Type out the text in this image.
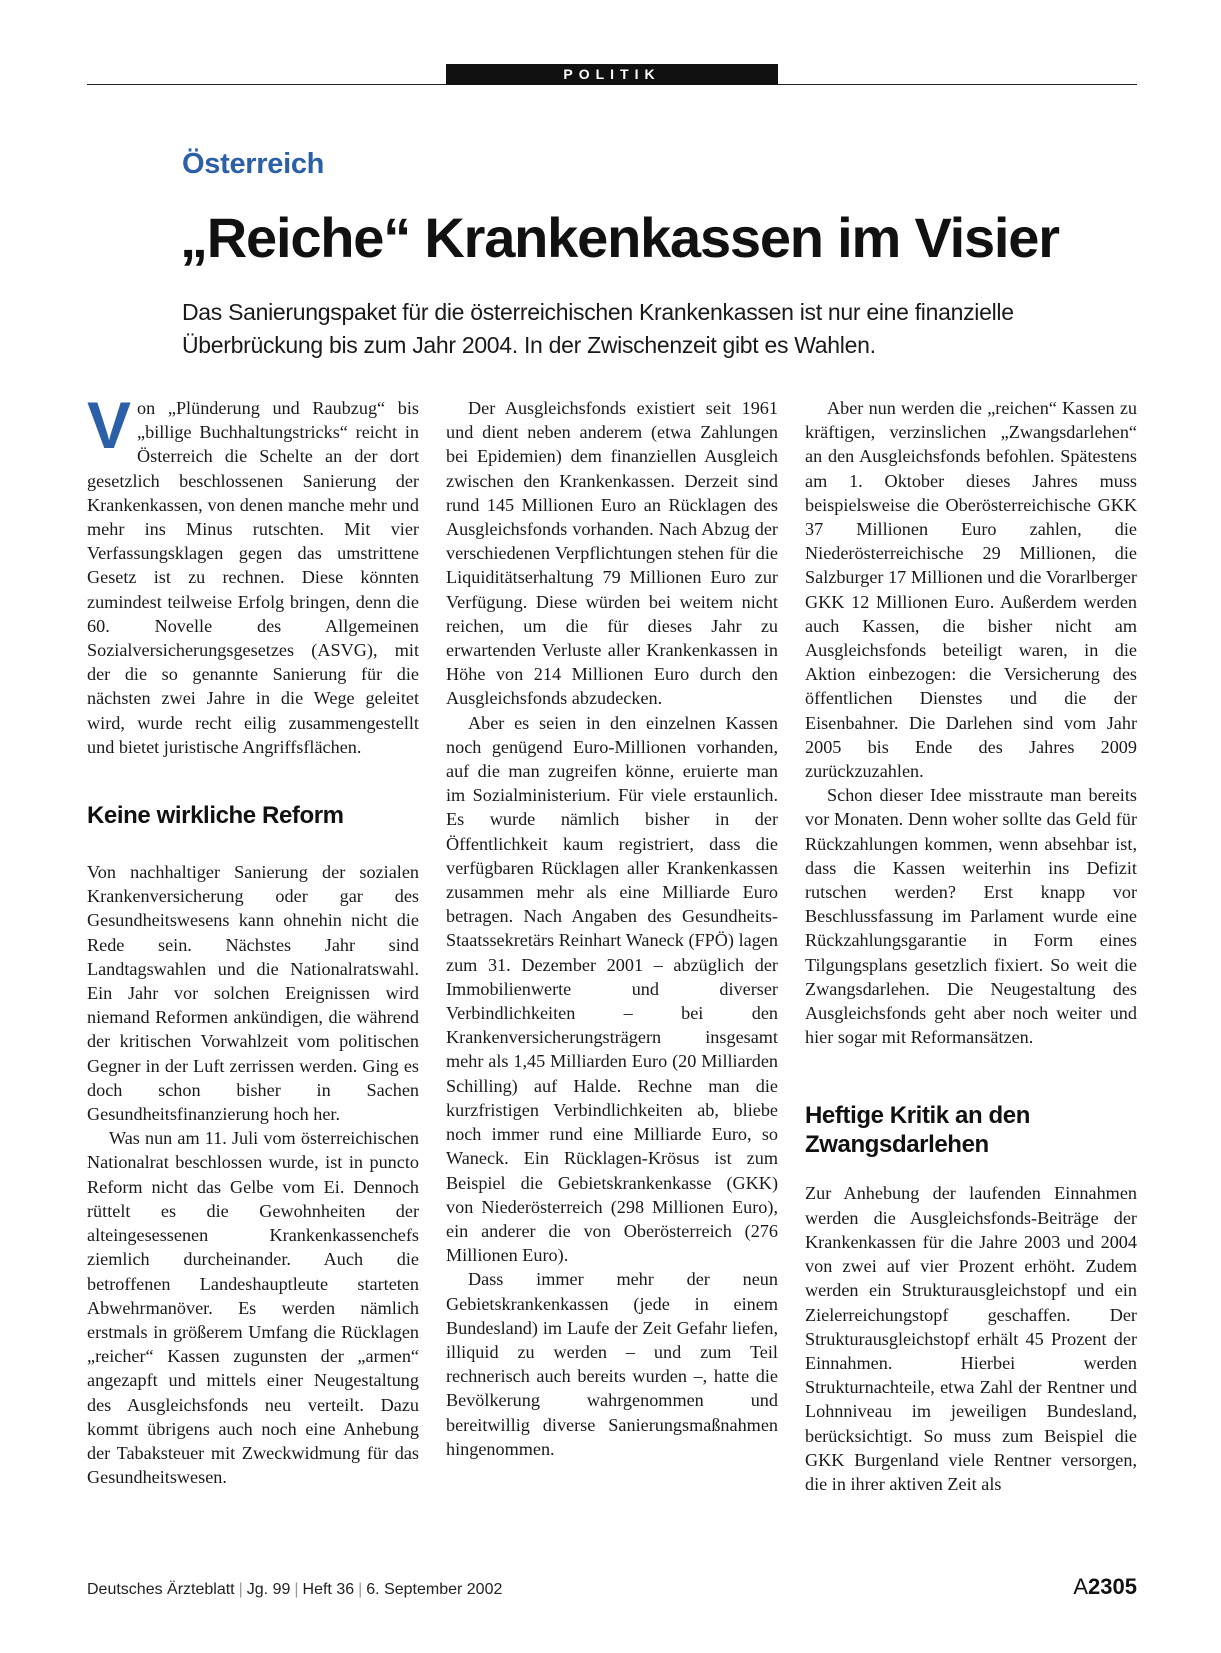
POLITIK
Österreich
„Reiche“ Krankenkassen im Visier

Das Sanierungspaket für die österreichischen Krankenkassen ist nur eine finanzielle Überbrückung bis zum Jahr 2004. In der Zwischenzeit gibt es Wahlen.

Von „Plünderung und Raubzug“ bis „billige Buchhaltungstricks“ reicht in Österreich die Schelte an der dort gesetzlich beschlossenen Sanierung der Krankenkassen, von denen manche mehr und mehr ins Minus rutschten. Mit vier Verfassungsklagen gegen das umstrittene Gesetz ist zu rechnen. Diese könnten zumindest teilweise Erfolg bringen, denn die 60. Novelle des Allgemeinen Sozialversicherungsgesetzes (ASVG), mit der die so genannte Sanierung für die nächsten zwei Jahre in die Wege geleitet wird, wurde recht eilig zusammengestellt und bietet juristische Angriffsflächen.

Keine wirkliche Reform

Von nachhaltiger Sanierung der sozialen Krankenversicherung oder gar des Gesundheitswesens kann ohnehin nicht die Rede sein. Nächstes Jahr sind Landtagswahlen und die Nationalratswahl. Ein Jahr vor solchen Ereignissen wird niemand Reformen ankündigen, die während der kritischen Vorwahlzeit vom politischen Gegner in der Luft zerrissen werden. Ging es doch schon bisher in Sachen Gesundheitsfinanzierung hoch her.

Was nun am 11. Juli vom österreichischen Nationalrat beschlossen wurde, ist in puncto Reform nicht das Gelbe vom Ei. Dennoch rüttelt es die Gewohnheiten der alteingesessenen Krankenkassenchefs ziemlich durcheinander. Auch die betroffenen Landeshauptleute starteten Abwehrmanöver. Es werden nämlich erstmals in größerem Umfang die Rücklagen „reicher“ Kassen zugunsten der „armen“ angezapft und mittels einer Neugestaltung des Ausgleichsfonds neu verteilt. Dazu kommt übrigens auch noch eine Anhebung der Tabaksteuer mit Zweckwidmung für das Gesundheitswesen.

Der Ausgleichsfonds existiert seit 1961 und dient neben anderem (etwa Zahlungen bei Epidemien) dem finanziellen Ausgleich zwischen den Krankenkassen. Derzeit sind rund 145 Millionen Euro an Rücklagen des Ausgleichsfonds vorhanden. Nach Abzug der verschiedenen Verpflichtungen stehen für die Liquiditätserhaltung 79 Millionen Euro zur Verfügung. Diese würden bei weitem nicht reichen, um die für dieses Jahr zu erwartenden Verluste aller Krankenkassen in Höhe von 214 Millionen Euro durch den Ausgleichsfonds abzudecken.

Aber es seien in den einzelnen Kassen noch genügend Euro-Millionen vorhanden, auf die man zugreifen könne, eruierte man im Sozialministerium. Für viele erstaunlich. Es wurde nämlich bisher in der Öffentlichkeit kaum registriert, dass die verfügbaren Rücklagen aller Krankenkassen zusammen mehr als eine Milliarde Euro betragen. Nach Angaben des Gesundheits-Staatssekretärs Reinhart Waneck (FPÖ) lagen zum 31. Dezember 2001 – abzüglich der Immobilienwerte und diverser Verbindlichkeiten – bei den Krankenversicherungsträgern insgesamt mehr als 1,45 Milliarden Euro (20 Milliarden Schilling) auf Halde. Rechne man die kurzfristigen Verbindlichkeiten ab, bliebe noch immer rund eine Milliarde Euro, so Waneck. Ein Rücklagen-Krösus ist zum Beispiel die Gebietskrankenkasse (GKK) von Niederösterreich (298 Millionen Euro), ein anderer die von Oberösterreich (276 Millionen Euro).

Dass immer mehr der neun Gebietskrankenkassen (jede in einem Bundesland) im Laufe der Zeit Gefahr liefen, illiquid zu werden – und zum Teil rechnerisch auch bereits wurden –, hatte die Bevölkerung wahrgenommen und bereitwillig diverse Sanierungsmaßnahmen hingenommen.

Aber nun werden die „reichen“ Kassen zu kräftigen, verzinslichen „Zwangsdarlehen“ an den Ausgleichsfonds befohlen. Spätestens am 1. Oktober dieses Jahres muss beispielsweise die Oberösterreichische GKK 37 Millionen Euro zahlen, die Niederösterreichische 29 Millionen, die Salzburger 17 Millionen und die Vorarlberger GKK 12 Millionen Euro. Außerdem werden auch Kassen, die bisher nicht am Ausgleichsfonds beteiligt waren, in die Aktion einbezogen: die Versicherung des öffentlichen Dienstes und die der Eisenbahner. Die Darlehen sind vom Jahr 2005 bis Ende des Jahres 2009 zurückzuzahlen.

Schon dieser Idee misstraute man bereits vor Monaten. Denn woher sollte das Geld für Rückzahlungen kommen, wenn absehbar ist, dass die Kassen weiterhin ins Defizit rutschen werden? Erst knapp vor Beschlussfassung im Parlament wurde eine Rückzahlungsgarantie in Form eines Tilgungsplans gesetzlich fixiert. So weit die Zwangsdarlehen. Die Neugestaltung des Ausgleichsfonds geht aber noch weiter und hier sogar mit Reformansätzen.

Heftige Kritik an den Zwangsdarlehen

Zur Anhebung der laufenden Einnahmen werden die Ausgleichsfonds-Beiträge der Krankenkassen für die Jahre 2003 und 2004 von zwei auf vier Prozent erhöht. Zudem werden ein Strukturausgleichstopf und ein Zielerreichungstopf geschaffen. Der Strukturausgleichstopf erhält 45 Prozent der Einnahmen. Hierbei werden Strukturnachteile, etwa Zahl der Rentner und Lohnniveau im jeweiligen Bundesland, berücksichtigt. So muss zum Beispiel die GKK Burgenland viele Rentner versorgen, die in ihrer aktiven Zeit als

Deutsches Ärzteblatt | Jg. 99 | Heft 36 | 6. September 2002	A2305
